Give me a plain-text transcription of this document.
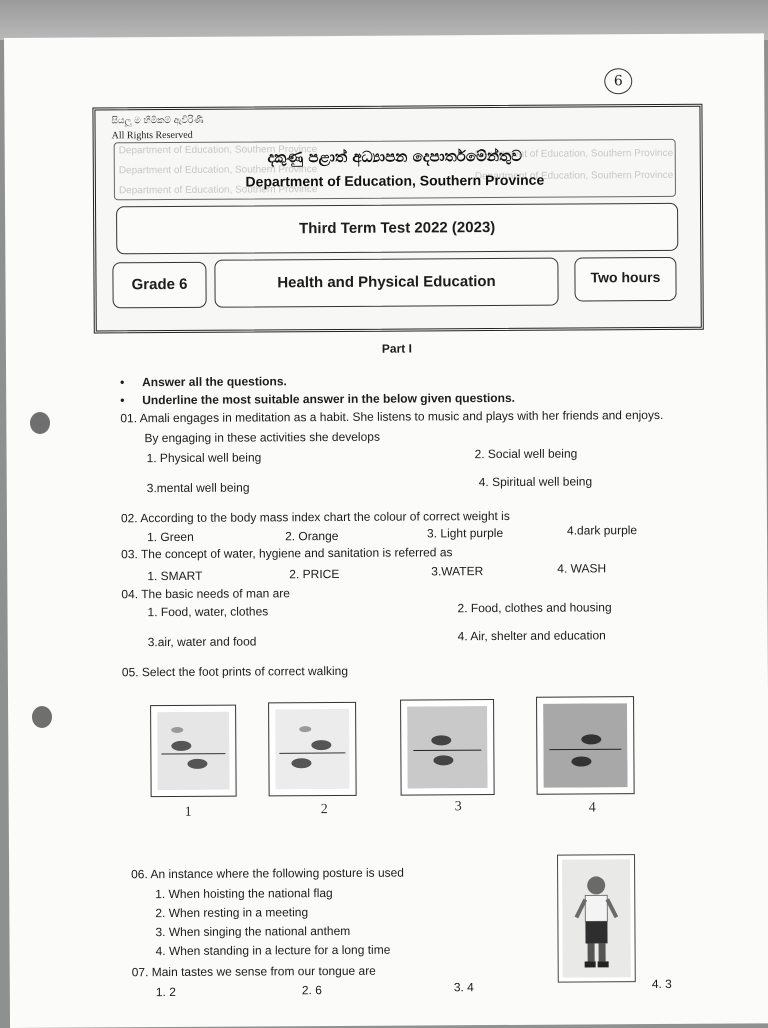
6
සියලු ම හිමිකම් ඇවිරිණි
All Rights Reserved
Department of Education, Southern Province
Department of Education, Southern Province
Department of Education, Southern Province
Department of Education, Southern Province
Department of Education, Southern Province
දකුණු පළාත් අධ්‍යාපන දෙපාර්තමේන්තුව
Department of Education, Southern Province
Third Term Test 2022 (2023)
Grade 6	Health and Physical Education	Two hours
Part I
• Answer all the questions.
• Underline the most suitable answer in the below given questions.
01. Amali engages in meditation as a habit. She listens to music and plays with her friends and enjoys.
By engaging in these activities she develops
1. Physical well being	2. Social well being
3.mental well being	4. Spiritual well being
02. According to the body mass index chart the colour of correct weight is
1. Green	2. Orange	3. Light purple	4.dark purple
03. The concept of water, hygiene and sanitation is referred as
1. SMART	2. PRICE	3.WATER	4. WASH
04. The basic needs of man are
1. Food, water, clothes	2. Food, clothes and housing
3.air, water and food	4. Air, shelter and education
05. Select the foot prints of correct walking
1	2	3	4
06. An instance where the following posture is used
1. When hoisting the national flag
2. When resting in a meeting
3. When singing the national anthem
4. When standing in a lecture for a long time
07. Main tastes we sense from our tongue are
1. 2	2. 6	3. 4	4. 3
